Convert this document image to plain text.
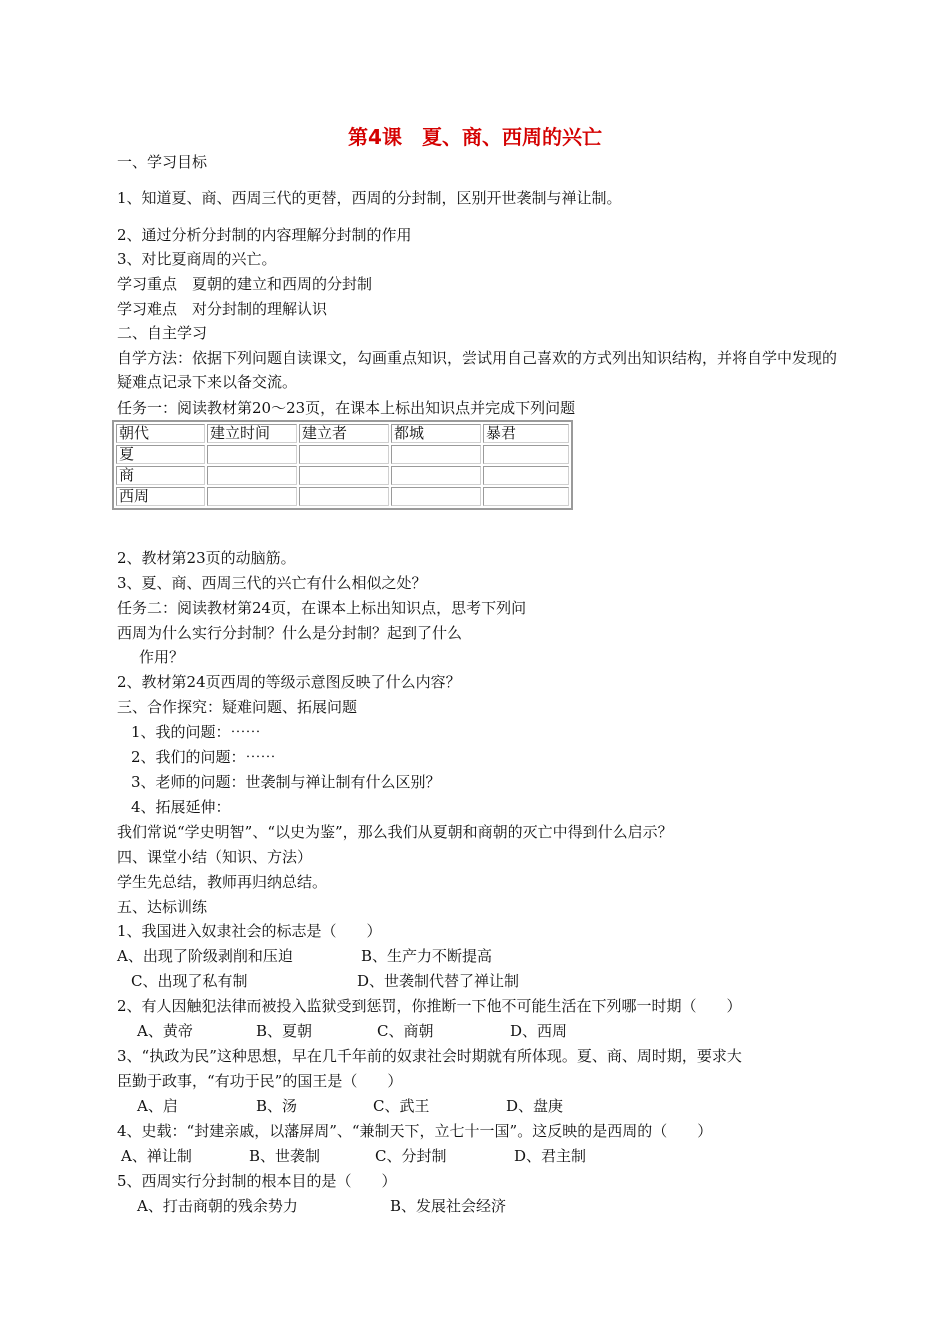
第4课　夏、商、西周的兴亡
一、学习目标
1、知道夏、商、西周三代的更替，西周的分封制，区别开世袭制与禅让制。
2、通过分析分封制的内容理解分封制的作用
3、对比夏商周的兴亡。
学习重点　夏朝的建立和西周的分封制
学习难点　对分封制的理解认识
二、自主学习
自学方法：依据下列问题自读课文，勾画重点知识，尝试用自己喜欢的方式列出知识结构，并将自学中发现的疑难点记录下来以备交流。
任务一：阅读教材第20～23页，在课本上标出知识点并完成下列问题
朝代	建立时间	建立者	都城	暴君
夏				
商				
西周				
2、教材第23页的动脑筋。
3、夏、商、西周三代的兴亡有什么相似之处？
任务二：阅读教材第24页，在课本上标出知识点，思考下列问
西周为什么实行分封制？什么是分封制？起到了什么
作用？
2、教材第24页西周的等级示意图反映了什么内容？
三、合作探究：疑难问题、拓展问题
1、我的问题：⋯⋯
2、我们的问题：⋯⋯
3、老师的问题：世袭制与禅让制有什么区别？
4、拓展延伸：
我们常说“学史明智”、“以史为鉴”，那么我们从夏朝和商朝的灭亡中得到什么启示？
四、课堂小结（知识、方法）
学生先总结，教师再归纳总结。
五、达标训练
1、我国进入奴隶社会的标志是（　　）
A、出现了阶级剥削和压迫	B、生产力不断提高
C、出现了私有制	D、世袭制代替了禅让制
2、有人因触犯法律而被投入监狱受到惩罚，你推断一下他不可能生活在下列哪一时期（　　）
A、黄帝	B、夏朝	C、商朝	D、西周
3、“执政为民”这种思想，早在几千年前的奴隶社会时期就有所体现。夏、商、周时期，要求大
臣勤于政事，“有功于民”的国王是（　　）
A、启	B、汤	C、武王	D、盘庚
4、史载：“封建亲戚，以藩屏周”、“兼制天下，立七十一国”。这反映的是西周的（　　）
A、禅让制	B、世袭制	C、分封制	D、君主制
5、西周实行分封制的根本目的是（　　）
A、打击商朝的残余势力	B、发展社会经济
